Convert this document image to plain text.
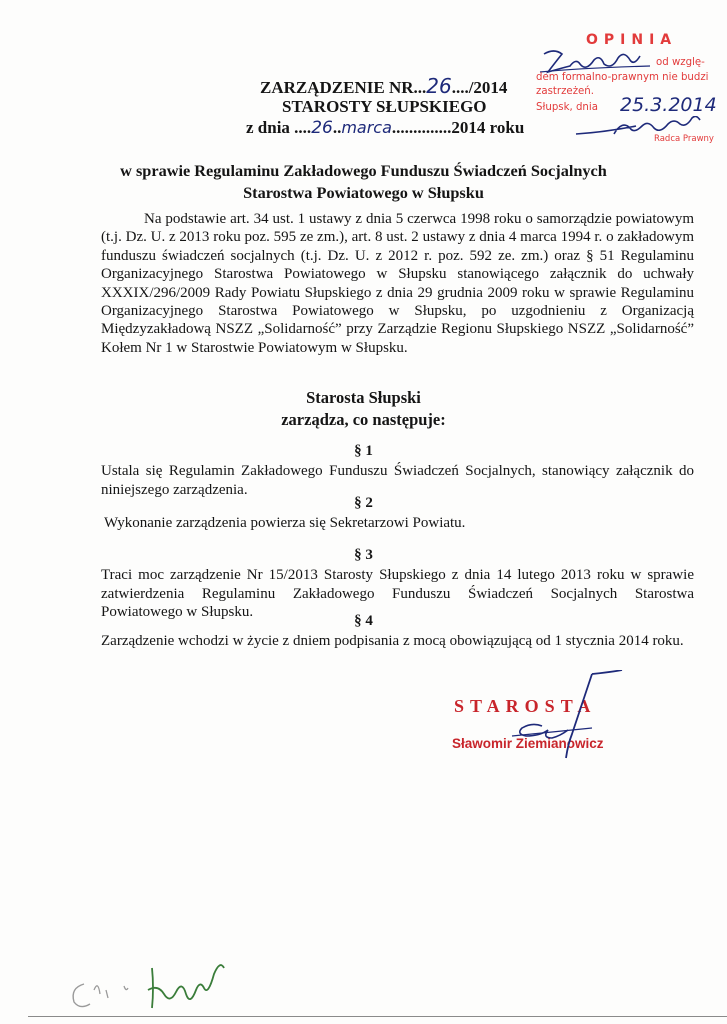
OPINIA
od wzglę-
dem formalno-prawnym nie budzi
zastrzeżeń.
Słupsk, dnia 25.3.2014
Radca Prawny
ZARZĄDZENIE NR...26..../2014
STAROSTY SŁUPSKIEGO
z dnia ....26..marca..............2014 roku
w sprawie Regulaminu Zakładowego Funduszu Świadczeń Socjalnych
Starostwa Powiatowego w Słupsku

Na podstawie art. 34 ust. 1 ustawy z dnia 5 czerwca 1998 roku o samorządzie powiatowym (t.j. Dz. U. z 2013 roku poz. 595 ze zm.), art. 8 ust. 2 ustawy z dnia 4 marca 1994 r. o zakładowym funduszu świadczeń socjalnych (t.j. Dz. U. z 2012 r. poz. 592 ze. zm.) oraz § 51 Regulaminu Organizacyjnego Starostwa Powiatowego w Słupsku stanowiącego załącznik do uchwały XXXIX/296/2009 Rady Powiatu Słupskiego z dnia 29 grudnia 2009 roku w sprawie Regulaminu Organizacyjnego Starostwa Powiatowego w Słupsku, po uzgodnieniu z Organizacją Międzyzakładową NSZZ „Solidarność” przy Zarządzie Regionu Słupskiego NSZZ „Solidarność” Kołem Nr 1 w Starostwie Powiatowym w Słupsku.

Starosta Słupski
zarządza, co następuje:
§ 1
Ustala się Regulamin Zakładowego Funduszu Świadczeń Socjalnych, stanowiący załącznik do niniejszego zarządzenia.
§ 2
Wykonanie zarządzenia powierza się Sekretarzowi Powiatu.
§ 3
Traci moc zarządzenie Nr 15/2013 Starosty Słupskiego z dnia 14 lutego 2013 roku w sprawie zatwierdzenia Regulaminu Zakładowego Funduszu Świadczeń Socjalnych Starostwa Powiatowego w Słupsku.
§ 4
Zarządzenie wchodzi w życie z dniem podpisania z mocą obowiązującą od 1 stycznia 2014 roku.
STAROSTA
Sławomir Ziemianowicz
